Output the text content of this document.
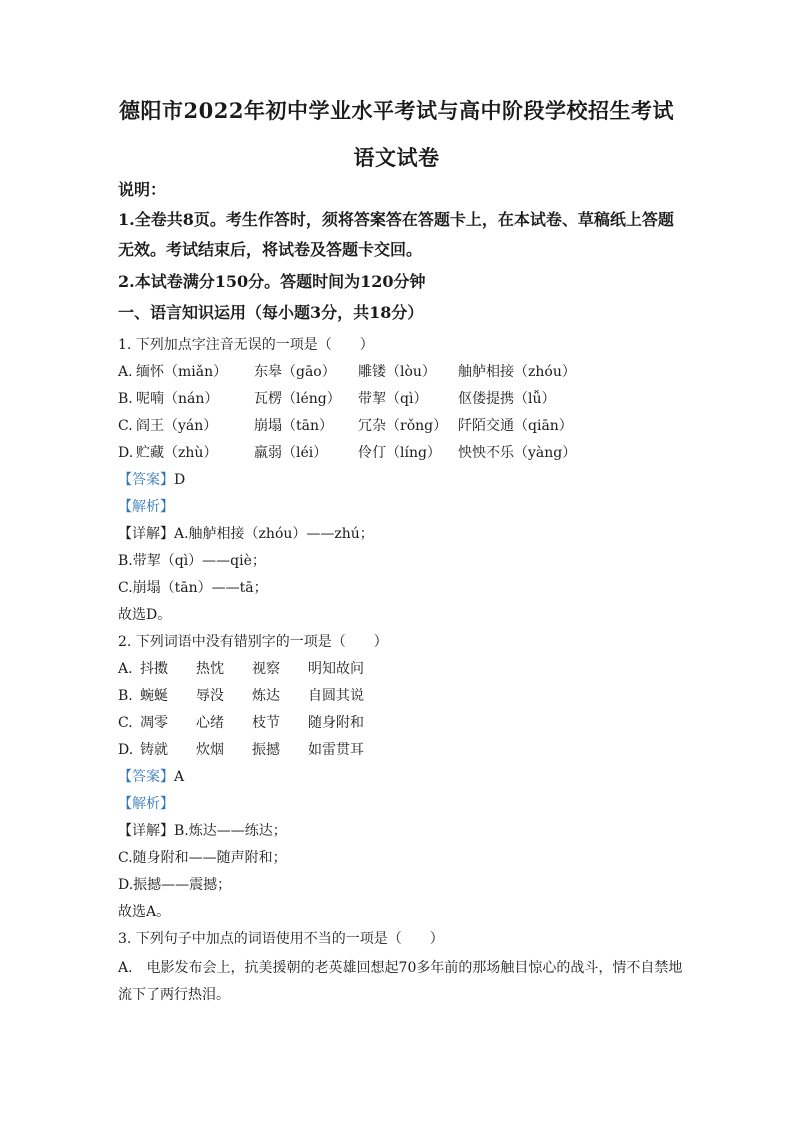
德阳市2022年初中学业水平考试与高中阶段学校招生考试
语文试卷
说明：
1.全卷共8页。考生作答时，须将答案答在答题卡上，在本试卷、草稿纸上答题
无效。考试结束后，将试卷及答题卡交回。
2.本试卷满分150分。答题时间为120分钟
一、语言知识运用（每小题3分，共18分）
1. 下列加点字注音无误的一项是（　　）
A.缅怀（miǎn） 东皋（gāo） 雕镂（lòu） 舳舻相接（zhóu）
B.呢喃（nán）	瓦楞（léng） 带挈（qì） 伛偻提携（lǚ）
C.阎王（yán）	崩塌（tān） 冗杂（rǒng） 阡陌交通（qiān）
D.贮藏（zhù）	羸弱（léi） 伶仃（líng） 怏怏不乐（yàng）
【答案】D
【解析】
【详解】A.舳舻相接（zhóu）——zhú；
B.带挈（qì）——qiè；
C.崩塌（tān）——tā；
故选D。
2. 下列词语中没有错别字的一项是（　　）
A. 抖擞 热忱 视察 明知故问
B. 蜿蜒 辱没 炼达 自圆其说
C. 凋零 心绪 枝节 随身附和
D. 铸就 炊烟 振撼 如雷贯耳
【答案】A
【解析】
【详解】B.炼达——练达；
C.随身附和——随声附和；
D.振撼——震撼；
故选A。
3. 下列句子中加点的词语使用不当的一项是（　　）
A.　电影发布会上，抗美援朝的老英雄回想起70多年前的那场触目惊心的战斗，情不自禁地
流下了两行热泪。
